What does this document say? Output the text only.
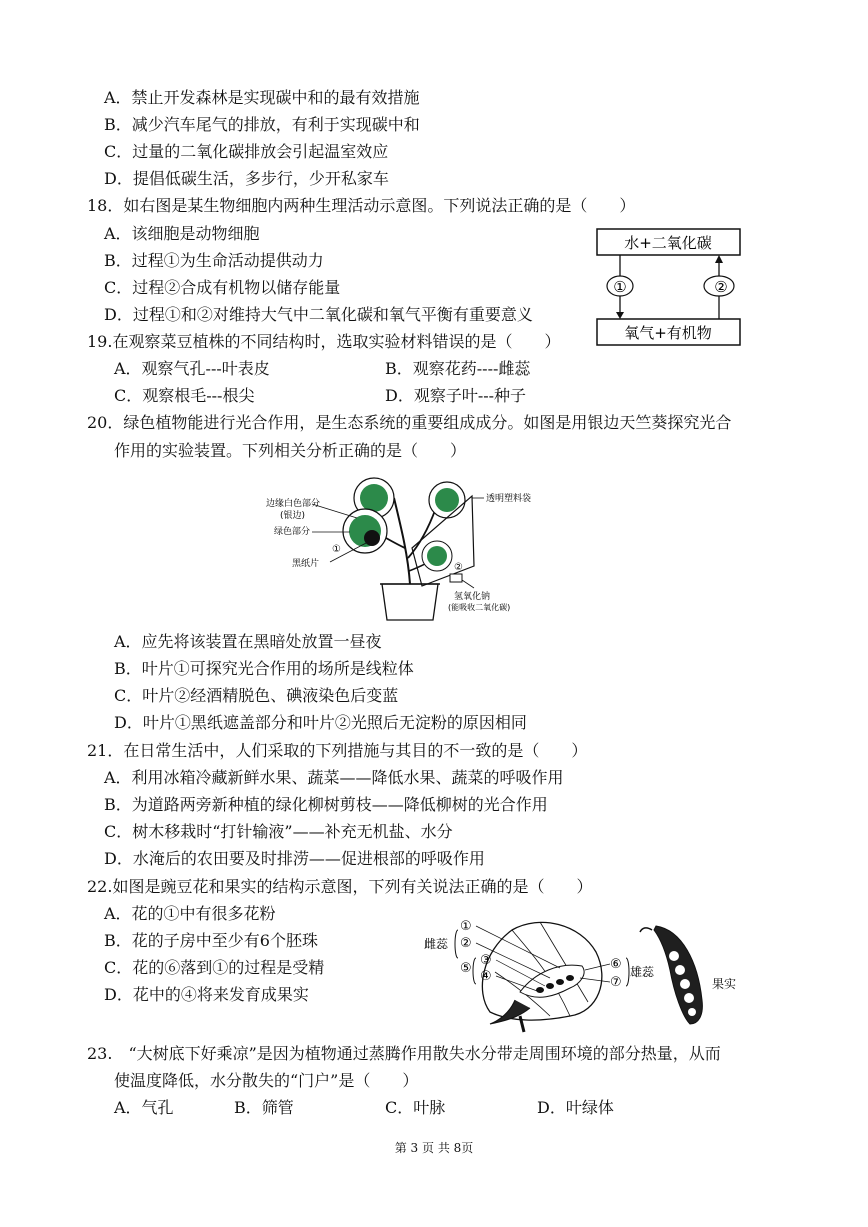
A．禁止开发森林是实现碳中和的最有效措施
B．减少汽车尾气的排放，有利于实现碳中和
C．过量的二氧化碳排放会引起温室效应
D．提倡低碳生活，多步行，少开私家车
18．如右图是某生物细胞内两种生理活动示意图。下列说法正确的是（　　）
A．该细胞是动物细胞
B．过程①为生命活动提供动力
C．过程②合成有机物以储存能量
D．过程①和②对维持大气中二氧化碳和氧气平衡有重要意义
水+二氧化碳
氧气+有机物
①	②
19.在观察菜豆植株的不同结构时，选取实验材料错误的是（　　）
A．观察气孔---叶表皮	B．观察花药----雌蕊
C．观察根毛---根尖	D．观察子叶---种子
20．绿色植物能进行光合作用，是生态系统的重要组成成分。如图是用银边天竺葵探究光合
作用的实验装置。下列相关分析正确的是（　　）
边缘白色部分
(银边)
绿色部分
①
黑纸片
透明塑料袋
②
氢氧化钠
(能吸收二氧化碳)
A．应先将该装置在黑暗处放置一昼夜
B．叶片①可探究光合作用的场所是线粒体
C．叶片②经酒精脱色、碘液染色后变蓝
D．叶片①黑纸遮盖部分和叶片②光照后无淀粉的原因相同
21．在日常生活中，人们采取的下列措施与其目的不一致的是（　　）
A．利用冰箱冷藏新鲜水果、蔬菜——降低水果、蔬菜的呼吸作用
B．为道路两旁新种植的绿化柳树剪枝——降低柳树的光合作用
C．树木移栽时“打针输液”——补充无机盐、水分
D．水淹后的农田要及时排涝——促进根部的呼吸作用
22.如图是豌豆花和果实的结构示意图，下列有关说法正确的是（　　）
A．花的①中有很多花粉
B．花的子房中至少有6个胚珠
C．花的⑥落到①的过程是受精
D．花中的④将来发育成果实
雌蕊
①
②
⑤
③
④
⑥
⑦
雄蕊
果实
23.　“大树底下好乘凉”是因为植物通过蒸腾作用散失水分带走周围环境的部分热量，从而
使温度降低，水分散失的“门户”是（　　）
A．气孔	B．筛管	C．叶脉	D．叶绿体
第 3 页 共 8页
